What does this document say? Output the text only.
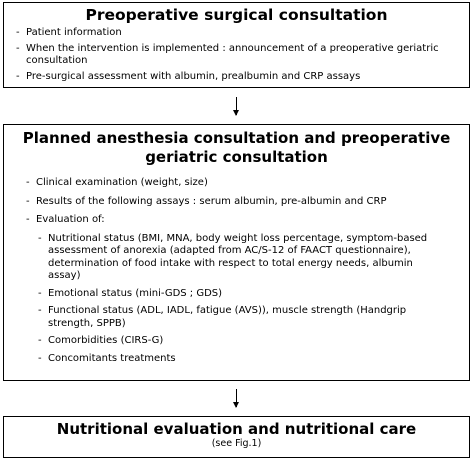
Preoperative surgical consultation

- Patient information
- When the intervention is implemented : announcement of a preoperative geriatric consultation
- Pre-surgical assessment with albumin, prealbumin and CRP assays

Planned anesthesia consultation and preoperative geriatric consultation

- Clinical examination (weight, size)
- Results of the following assays : serum albumin, pre-albumin and CRP
- Evaluation of:
- Nutritional status (BMI, MNA, body weight loss percentage, symptom-based assessment of anorexia (adapted from AC/S-12 of FAACT questionnaire), determination of food intake with respect to total energy needs, albumin assay)
- Emotional status (mini-GDS ; GDS)
- Functional status (ADL, IADL, fatigue (AVS)), muscle strength (Handgrip strength, SPPB)
- Comorbidities (CIRS-G)
- Concomitants treatments

Nutritional evaluation and nutritional care

(see Fig.1)
